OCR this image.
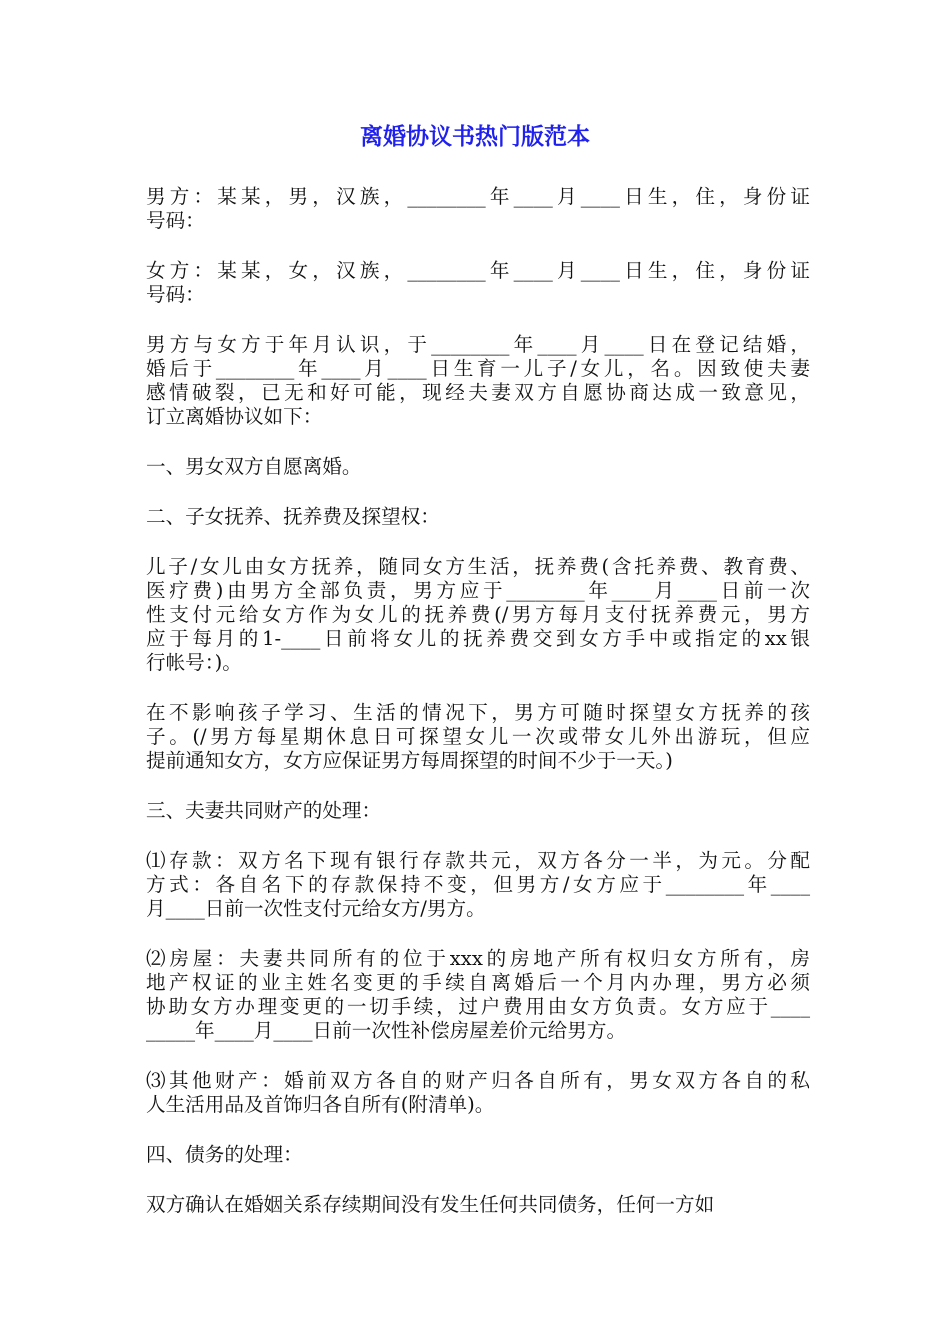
离婚协议书热门版范本

男方：某某，男，汉族，________年____月____日生，住，身份证
号码：

女方：某某，女，汉族，________年____月____日生，住，身份证
号码：

男方与女方于年月认识，于________年____月____日在登记结婚，
婚后于________年____月____日生育一儿子/女儿，名。因致使夫妻
感情破裂，已无和好可能，现经夫妻双方自愿协商达成一致意见，
订立离婚协议如下：

一、男女双方自愿离婚。

二、子女抚养、抚养费及探望权：

儿子/女儿由女方抚养，随同女方生活，抚养费(含托养费、教育费、
医疗费)由男方全部负责，男方应于________年____月____日前一次
性支付元给女方作为女儿的抚养费(/男方每月支付抚养费元，男方
应于每月的1-____日前将女儿的抚养费交到女方手中或指定的xx银
行帐号：)。

在不影响孩子学习、生活的情况下，男方可随时探望女方抚养的孩
子。(/男方每星期休息日可探望女儿一次或带女儿外出游玩，但应
提前通知女方，女方应保证男方每周探望的时间不少于一天。)

三、夫妻共同财产的处理：

⑴存款：双方名下现有银行存款共元，双方各分一半，为元。分配
方式：各自名下的存款保持不变，但男方/女方应于________年____
月____日前一次性支付元给女方/男方。

⑵房屋：夫妻共同所有的位于xxx的房地产所有权归女方所有，房
地产权证的业主姓名变更的手续自离婚后一个月内办理，男方必须
协助女方办理变更的一切手续，过户费用由女方负责。女方应于____
_____年____月____日前一次性补偿房屋差价元给男方。

⑶其他财产：婚前双方各自的财产归各自所有，男女双方各自的私
人生活用品及首饰归各自所有(附清单)。

四、债务的处理：

双方确认在婚姻关系存续期间没有发生任何共同债务，任何一方如
